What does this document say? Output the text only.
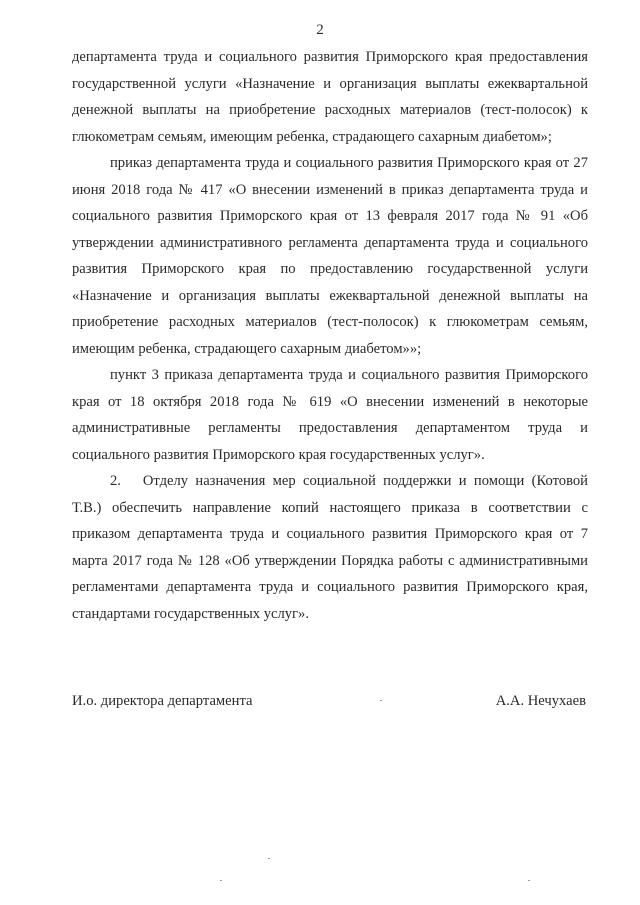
2

департамента труда и социального развития Приморского края предоставления государственной услуги «Назначение и организация выплаты ежеквартальной денежной выплаты на приобретение расходных материалов (тест-полосок) к глюкометрам семьям, имеющим ребенка, страдающего сахарным диабетом»;

приказ департамента труда и социального развития Приморского края от 27 июня 2018 года № 417 «О внесении изменений в приказ департамента труда и социального развития Приморского края от 13 февраля 2017 года № 91 «Об утверждении административного регламента департамента труда и социального развития Приморского края по предоставлению государственной услуги «Назначение и организация выплаты ежеквартальной денежной выплаты на приобретение расходных материалов (тест-полосок) к глюкометрам семьям, имеющим ребенка, страдающего сахарным диабетом»»;

пункт 3 приказа департамента труда и социального развития Приморского края от 18 октября 2018 года № 619 «О внесении изменений в некоторые административные регламенты предоставления департаментом труда и социального развития Приморского края государственных услуг».

2.  Отделу назначения мер социальной поддержки и помощи (Котовой Т.В.) обеспечить направление копий настоящего приказа в соответствии с приказом департамента труда и социального развития Приморского края от 7 марта 2017 года № 128 «Об утверждении Порядка работы с административными регламентами департамента труда и социального развития Приморского края, стандартами государственных услуг».

И.о. директора департамента	А.А. Нечухаев
